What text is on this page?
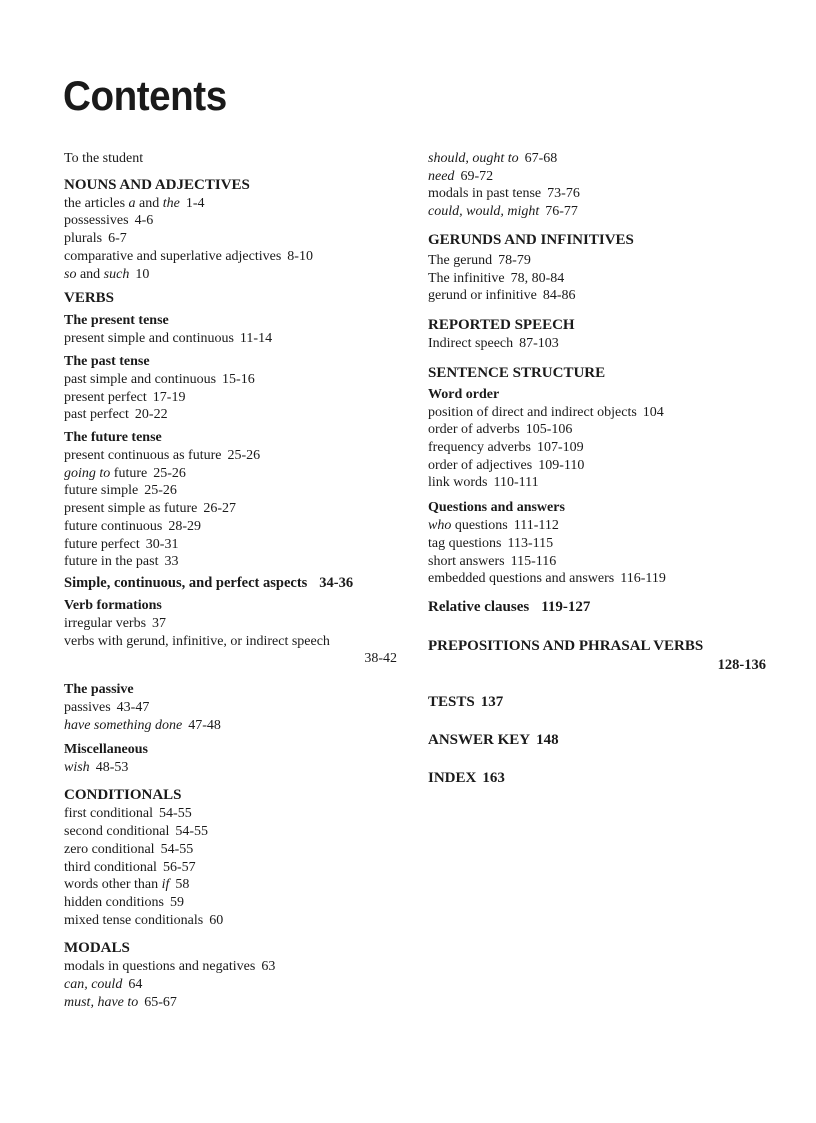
Contents
To the student
NOUNS AND ADJECTIVES
the articles a and the 1-4
possessives 4-6
plurals 6-7
comparative and superlative adjectives 8-10
so and such 10
VERBS
The present tense
present simple and continuous 11-14
The past tense
past simple and continuous 15-16
present perfect 17-19
past perfect 20-22
The future tense
present continuous as future 25-26
going to future 25-26
future simple 25-26
present simple as future 26-27
future continuous 28-29
future perfect 30-31
future in the past 33
Simple, continuous, and perfect aspects 34-36
Verb formations
irregular verbs 37
verbs with gerund, infinitive, or indirect speech
38-42
The passive
passives 43-47
have something done 47-48
Miscellaneous
wish 48-53
CONDITIONALS
first conditional 54-55
second conditional 54-55
zero conditional 54-55
third conditional 56-57
words other than if 58
hidden conditions 59
mixed tense conditionals 60
MODALS
modals in questions and negatives 63
can, could 64
must, have to 65-67
should, ought to 67-68
need 69-72
modals in past tense 73-76
could, would, might 76-77
GERUNDS AND INFINITIVES
The gerund 78-79
The infinitive 78, 80-84
gerund or infinitive 84-86
REPORTED SPEECH
Indirect speech 87-103
SENTENCE STRUCTURE
Word order
position of direct and indirect objects 104
order of adverbs 105-106
frequency adverbs 107-109
order of adjectives 109-110
link words 110-111
Questions and answers
who questions 111-112
tag questions 113-115
short answers 115-116
embedded questions and answers 116-119
Relative clauses 119-127
PREPOSITIONS AND PHRASAL VERBS
128-136
TESTS 137
ANSWER KEY 148
INDEX 163
